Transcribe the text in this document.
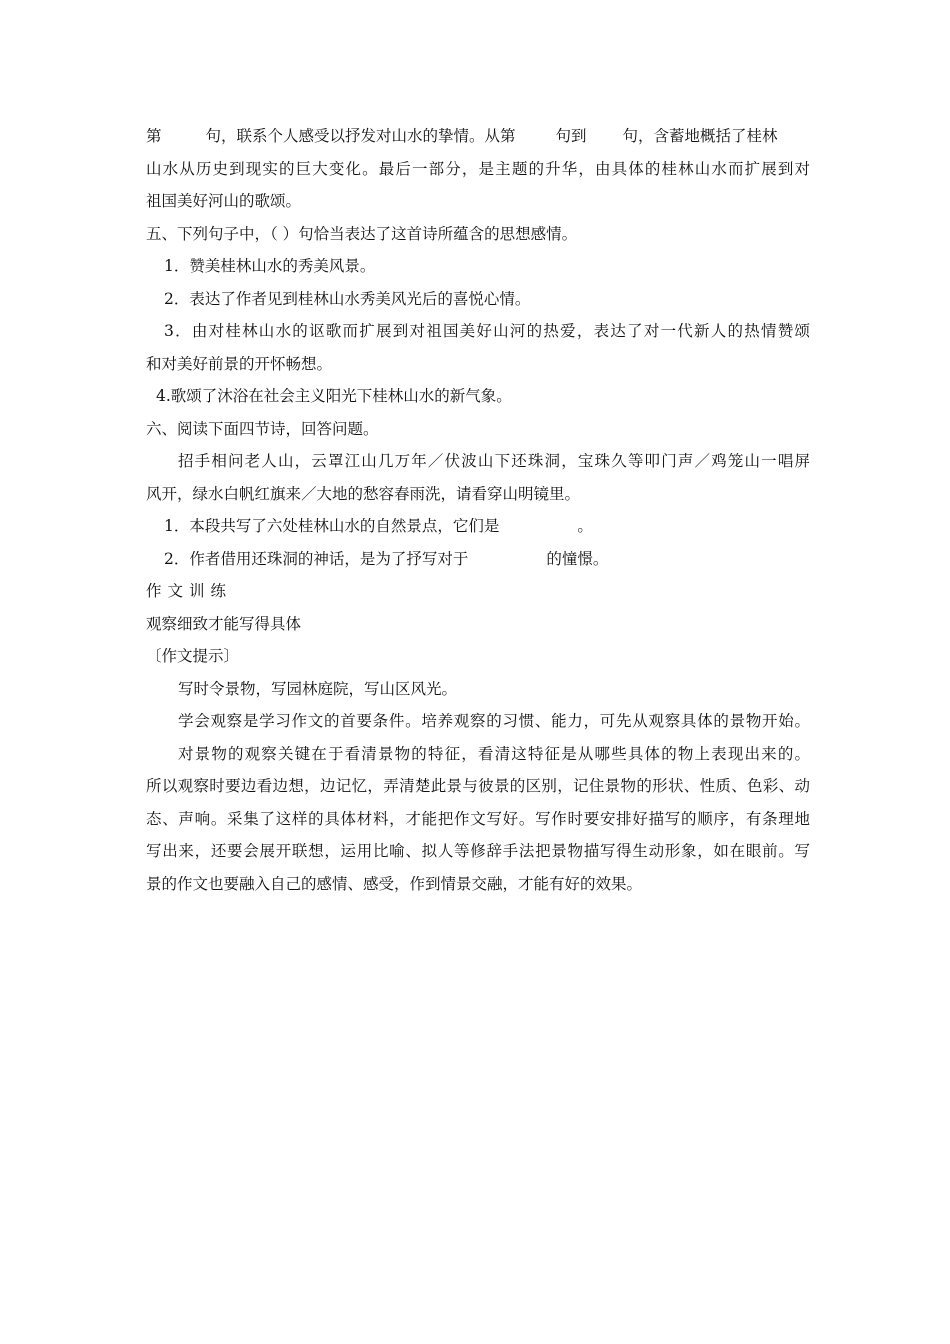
第	句，联系个人感受以抒发对山水的挚情。从第	句到 句，含蓄地概括了桂林
山水从历史到现实的巨大变化。最后一部分，是主题的升华，由具体的桂林山水而扩展到对
祖国美好河山的歌颂。
五、下列句子中，（ ）句恰当表达了这首诗所蕴含的思想感情。
1．赞美桂林山水的秀美风景。
2．表达了作者见到桂林山水秀美风光后的喜悦心情。
3．由对桂林山水的讴歌而扩展到对祖国美好山河的热爱，表达了对一代新人的热情赞颂
和对美好前景的开怀畅想。
4.歌颂了沐浴在社会主义阳光下桂林山水的新气象。
六、阅读下面四节诗，回答问题。
招手相问老人山，云罩江山几万年／伏波山下还珠洞，宝珠久等叩门声／鸡笼山一唱屏
风开，绿水白帆红旗来／大地的愁容春雨洗，请看穿山明镜里。
1．本段共写了六处桂林山水的自然景点，它们是	。
2．作者借用还珠洞的神话，是为了抒写对于	的憧憬。
作文训练
观察细致才能写得具体
〔作文提示〕
写时令景物，写园林庭院，写山区风光。
学会观察是学习作文的首要条件。培养观察的习惯、能力，可先从观察具体的景物开始。
对景物的观察关键在于看清景物的特征，看清这特征是从哪些具体的物上表现出来的。
所以观察时要边看边想，边记忆，弄清楚此景与彼景的区别，记住景物的形状、性质、色彩、动
态、声响。采集了这样的具体材料，才能把作文写好。写作时要安排好描写的顺序，有条理地
写出来，还要会展开联想，运用比喻、拟人等修辞手法把景物描写得生动形象，如在眼前。写
景的作文也要融入自己的感情、感受，作到情景交融，才能有好的效果。
